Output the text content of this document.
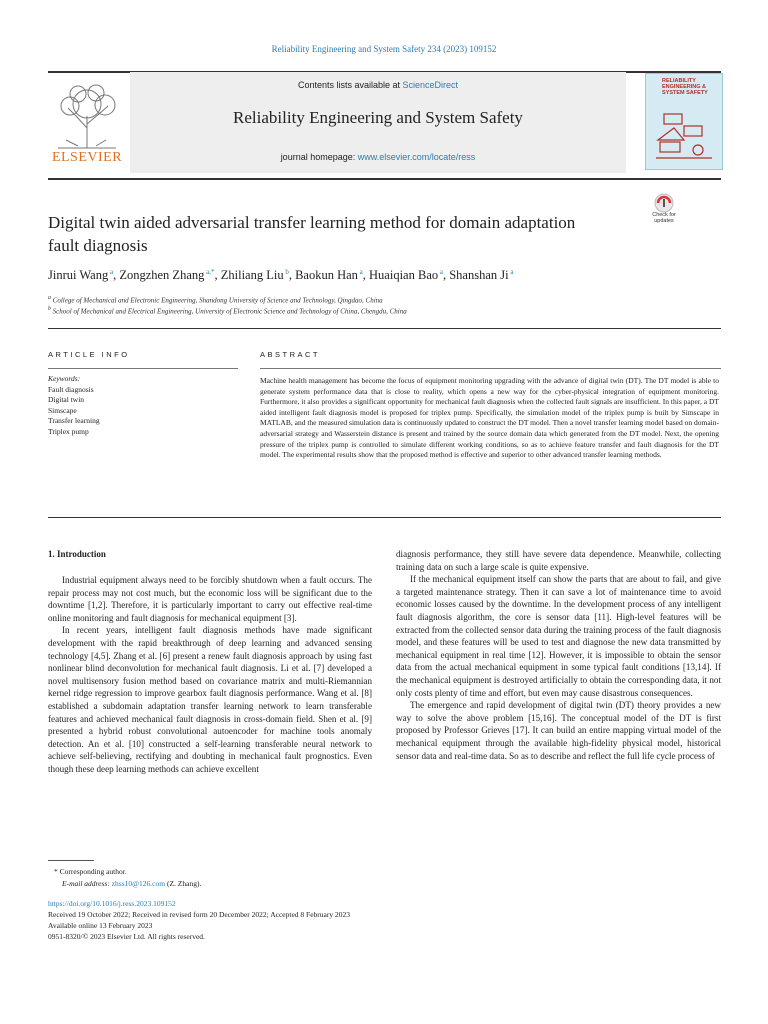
Reliability Engineering and System Safety 234 (2023) 109152
ELSEVIER
Contents lists available at ScienceDirect
Reliability Engineering and System Safety
journal homepage: www.elsevier.com/locate/ress
RELIABILITY ENGINEERING & SYSTEM SAFETY
Check for updates
Digital twin aided adversarial transfer learning method for domain adaptation fault diagnosis
Jinrui Wang $^a$, Zongzhen Zhang $^{a,*}$, Zhiliang Liu $^b$, Baokun Han $^a$, Huaiqian Bao $^a$, Shanshan Ji $^a$
$^a$ College of Mechanical and Electronic Engineering, Shandong University of Science and Technology, Qingdao, China
$^b$ School of Mechanical and Electrical Engineering, University of Electronic Science and Technology of China, Chengdu, China
ARTICLE INFO	ABSTRACT
Keywords:
Fault diagnosis
Digital twin
Simscape
Transfer learning
Triplex pump
Machine health management has become the focus of equipment monitoring upgrading with the advance of digital twin (DT). The DT model is able to generate system performance data that is close to reality, which opens a new way for the cyber-physical integration of equipment monitoring. Furthermore, it also provides a significant opportunity for mechanical fault diagnosis when the collected fault signals are insufficient. In this paper, a DT aided intelligent fault diagnosis model is proposed for triplex pump. Specifically, the simulation model of the triplex pump is built by Simscape in MATLAB, and the measured simulation data is continuously updated to construct the DT model. Then a novel transfer learning model based on domain-adversarial strategy and Wasserstein distance is present and trained by the source domain data which generated from the DT model. Next, the opening pressure of the triplex pump is controlled to simulate different working conditions, so as to achieve feature transfer and fault diagnosis for the DT model. The experimental results show that the proposed method is effective and superior to other advanced transfer learning methods.
1. Introduction

Industrial equipment always need to be forcibly shutdown when a fault occurs. The repair process may not cost much, but the economic loss will be significant due to the downtime [1,2]. Therefore, it is particularly important to carry out effective real-time online monitoring and fault diagnosis for mechanical equipment [3].

In recent years, intelligent fault diagnosis methods have made significant development with the rapid breakthrough of deep learning and advanced sensing technology [4,5]. Zhang et al. [6] present a renew fault diagnosis approach by using fast nonlinear blind deconvolution for mechanical fault diagnosis. Li et al. [7] developed a novel multisensory fusion method based on covariance matrix and multi-Riemannian kernel ridge regression to improve gearbox fault diagnosis performance. Wang et al. [8] established a subdomain adaptation transfer learning network to learn transferable features and achieved mechanical fault diagnosis in cross-domain field. Shen et al. [9] presented a hybrid robust convolutional autoencoder for machine tools anomaly detection. An et al. [10] constructed a self-learning transferable neural network to achieve self-believing, rectifying and doubting in mechanical fault prognostics. Even though these deep learning methods can achieve excellent

diagnosis performance, they still have severe data dependence. Meanwhile, collecting training data on such a large scale is quite expensive.

If the mechanical equipment itself can show the parts that are about to fail, and give a targeted maintenance strategy. Then it can save a lot of maintenance time to avoid economic losses caused by the downtime. In the development process of any intelligent fault diagnosis algorithm, the core is sensor data [11]. High-level features will be extracted from the collected sensor data during the training process of the fault diagnosis model, and these features will be used to test and diagnose the new data transmitted by mechanical equipment in real time [12]. However, it is impossible to obtain the sensor data from the actual mechanical equipment in some typical fault conditions [13,14]. If the mechanical equipment is destroyed artificially to obtain the corresponding data, it not only costs plenty of time and effort, but even may cause disastrous consequences.

The emergence and rapid development of digital twin (DT) theory provides a new way to solve the above problem [15,16]. The conceptual model of the DT is first proposed by Professor Grieves [17]. It can build an entire mapping virtual model of the mechanical equipment through the available high-fidelity physical model, historical sensor data and real-time data. So as to describe and reflect the full life cycle process of

* Corresponding author.
E-mail address: zhss10@126.com (Z. Zhang).
https://doi.org/10.1016/j.ress.2023.109152
Received 19 October 2022; Received in revised form 20 December 2022; Accepted 8 February 2023
Available online 13 February 2023
0951-8320/© 2023 Elsevier Ltd. All rights reserved.
